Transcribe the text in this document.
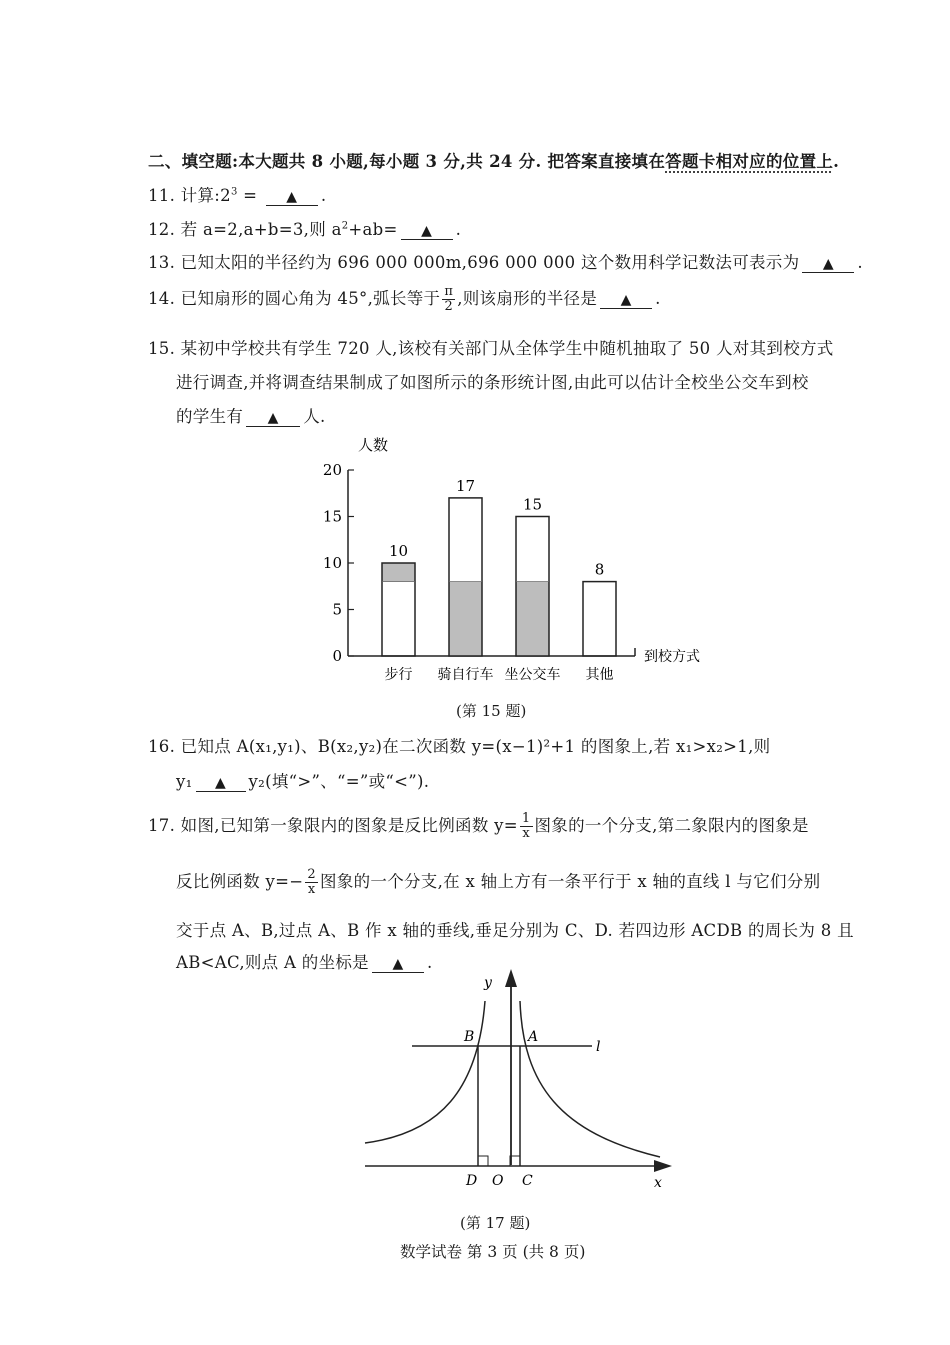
二、填空题:本大题共 8 小题,每小题 3 分,共 24 分. 把答案直接填在答题卡相对应的位置上.
11. 计算$:2^3$ = ▲ .
12. 若 a=2,a+b=3,则 $a^2+ab=$ ▲ .
13. 已知太阳的半径约为 696 000 000m,696 000 000 这个数用科学记数法可表示为 ▲ .
14. 已知扇形的圆心角为 45°,弧长等于 $\frac{\pi}{2}$ ,则该扇形的半径是 ▲ .
15. 某初中学校共有学生 720 人,该校有关部门从全体学生中随机抽取了 50 人对其到校方式
进行调查,并将调查结果制成了如图所示的条形统计图,由此可以估计全校坐公交车到校
的学生有 ▲ 人.
人数
到校方式
0
5
10
15
20
10
步行
17
骑自行车
15
坐公交车
8
其他
(第 15 题)
16. 已知点 A(x₁,y₁)、B(x₂,y₂)在二次函数 y=(x−1)²+1 的图象上,若 x₁>x₂>1,则
y₁ ▲ y₂(填“>”、“=”或“<”).
17. 如图,已知第一象限内的图象是反比例函数 $y= \frac{1}{x}$ 图象的一个分支,第二象限内的图象是
反比例函数 $y=- \frac{2}{x}$ 图象的一个分支,在 x 轴上方有一条平行于 x 轴的直线 l 与它们分别
交于点 A、B,过点 A、B 作 x 轴的垂线,垂足分别为 C、D. 若四边形 ACDB 的周长为 8 且
AB<AC,则点 A 的坐标是 ▲ .
y
x
B	A
l
D O C
(第 17 题)
数学试卷 第 3 页 (共 8 页)
